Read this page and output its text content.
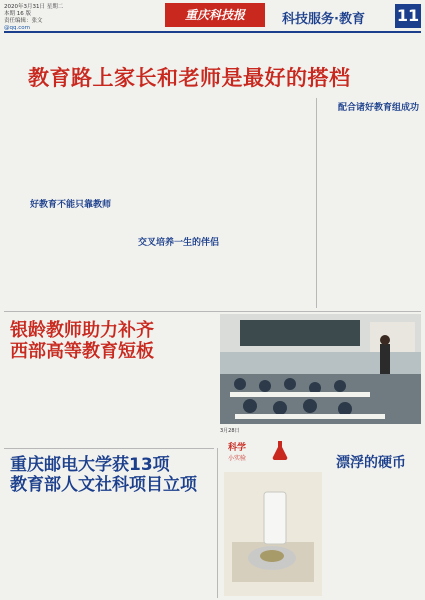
2020年3月31日 星期二
本期 16 版
责任编辑：张文
@qq.com
重庆科技报	科技服务·教育 11
教育路上家长和老师是最好的搭档
好教育不能只靠教师
交叉培养一生的伴侣
配合诸好教育组成功
银龄教师助力补齐
西部高等教育短板
3月28日
重庆邮电大学获13项
教育部人文社科项目立项
科学
小实验	漂浮的硬币
